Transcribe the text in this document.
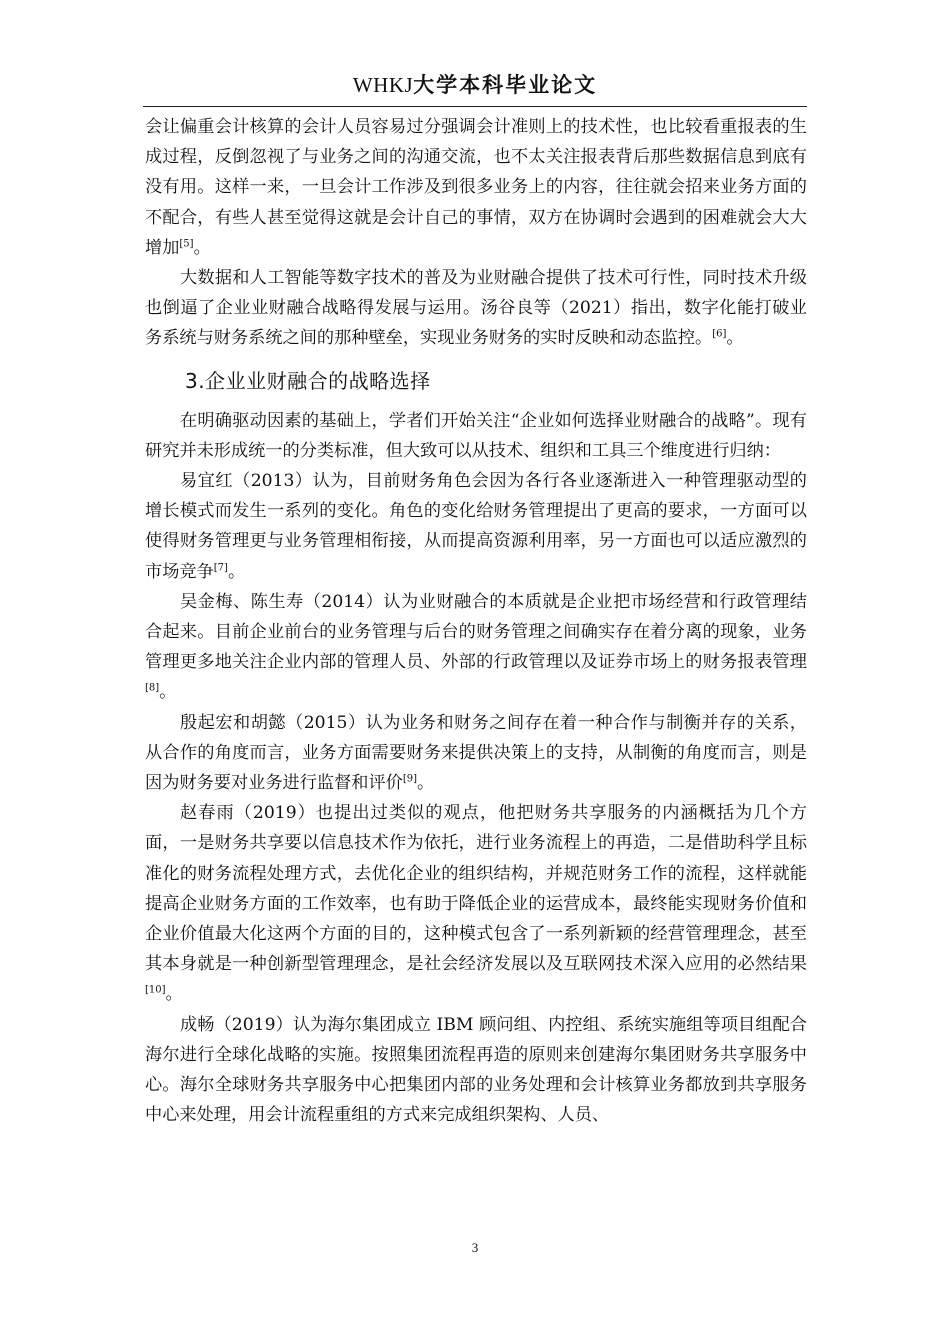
WHKJ大学本科毕业论文

会让偏重会计核算的会计人员容易过分强调会计准则上的技术性，也比较看重报表的生成过程，反倒忽视了与业务之间的沟通交流，也不太关注报表背后那些数据信息到底有没有用。这样一来，一旦会计工作涉及到很多业务上的内容，往往就会招来业务方面的不配合，有些人甚至觉得这就是会计自己的事情，双方在协调时会遇到的困难就会大大增加[5]。

大数据和人工智能等数字技术的普及为业财融合提供了技术可行性，同时技术升级也倒逼了企业业财融合战略得发展与运用。汤谷良等（2021）指出，数字化能打破业务系统与财务系统之间的那种壁垒，实现业务财务的实时反映和动态监控。[6]。

3.企业业财融合的战略选择

在明确驱动因素的基础上，学者们开始关注“企业如何选择业财融合的战略”。现有研究并未形成统一的分类标准，但大致可以从技术、组织和工具三个维度进行归纳：

易宜红（2013）认为，目前财务角色会因为各行各业逐渐进入一种管理驱动型的增长模式而发生一系列的变化。角色的变化给财务管理提出了更高的要求，一方面可以使得财务管理更与业务管理相衔接，从而提高资源利用率，另一方面也可以适应激烈的市场竞争[7]。

吴金梅、陈生寿（2014）认为业财融合的本质就是企业把市场经营和行政管理结合起来。目前企业前台的业务管理与后台的财务管理之间确实存在着分离的现象，业务管理更多地关注企业内部的管理人员、外部的行政管理以及证券市场上的财务报表管理[8]。

殷起宏和胡懿（2015）认为业务和财务之间存在着一种合作与制衡并存的关系，从合作的角度而言，业务方面需要财务来提供决策上的支持，从制衡的角度而言，则是因为财务要对业务进行监督和评价[9]。

赵春雨（2019）也提出过类似的观点，他把财务共享服务的内涵概括为几个方面，一是财务共享要以信息技术作为依托，进行业务流程上的再造，二是借助科学且标准化的财务流程处理方式，去优化企业的组织结构，并规范财务工作的流程，这样就能提高企业财务方面的工作效率，也有助于降低企业的运营成本，最终能实现财务价值和企业价值最大化这两个方面的目的，这种模式包含了一系列新颖的经营管理理念，甚至其本身就是一种创新型管理理念，是社会经济发展以及互联网技术深入应用的必然结果[10]。

成畅（2019）认为海尔集团成立 IBM 顾问组、内控组、系统实施组等项目组配合海尔进行全球化战略的实施。按照集团流程再造的原则来创建海尔集团财务共享服务中心。海尔全球财务共享服务中心把集团内部的业务处理和会计核算业务都放到共享服务中心来处理，用会计流程重组的方式来完成组织架构、人员、

3
